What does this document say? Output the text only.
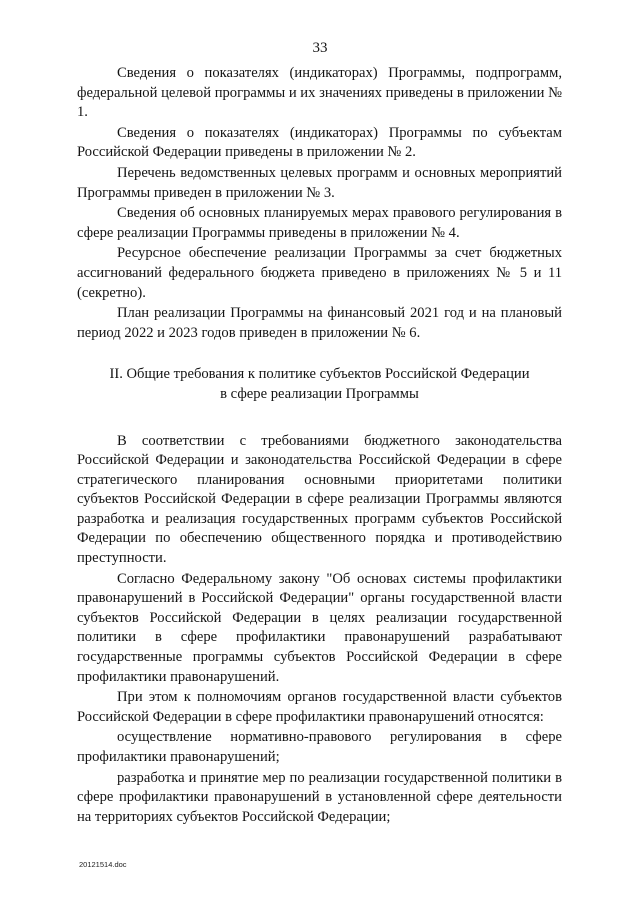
33

Сведения о показателях (индикаторах) Программы, подпрограмм, федеральной целевой программы и их значениях приведены в приложении № 1.

Сведения о показателях (индикаторах) Программы по субъектам Российской Федерации приведены в приложении № 2.

Перечень ведомственных целевых программ и основных мероприятий Программы приведен в приложении № 3.

Сведения об основных планируемых мерах правового регулирования в сфере реализации Программы приведены в приложении № 4.

Ресурсное обеспечение реализации Программы за счет бюджетных ассигнований федерального бюджета приведено в приложениях № 5 и 11 (секретно).

План реализации Программы на финансовый 2021 год и на плановый период 2022 и 2023 годов приведен в приложении № 6.

II. Общие требования к политике субъектов Российской Федерации
в сфере реализации Программы

В соответствии с требованиями бюджетного законодательства Российской Федерации и законодательства Российской Федерации в сфере стратегического планирования основными приоритетами политики субъектов Российской Федерации в сфере реализации Программы являются разработка и реализация государственных программ субъектов Российской Федерации по обеспечению общественного порядка и противодействию преступности.

Согласно Федеральному закону "Об основах системы профилактики правонарушений в Российской Федерации" органы государственной власти субъектов Российской Федерации в целях реализации государственной политики в сфере профилактики правонарушений разрабатывают государственные программы субъектов Российской Федерации в сфере профилактики правонарушений.

При этом к полномочиям органов государственной власти субъектов Российской Федерации в сфере профилактики правонарушений относятся:

осуществление нормативно-правового регулирования в сфере профилактики правонарушений;

разработка и принятие мер по реализации государственной политики в сфере профилактики правонарушений в установленной сфере деятельности на территориях субъектов Российской Федерации;

20121514.doc
